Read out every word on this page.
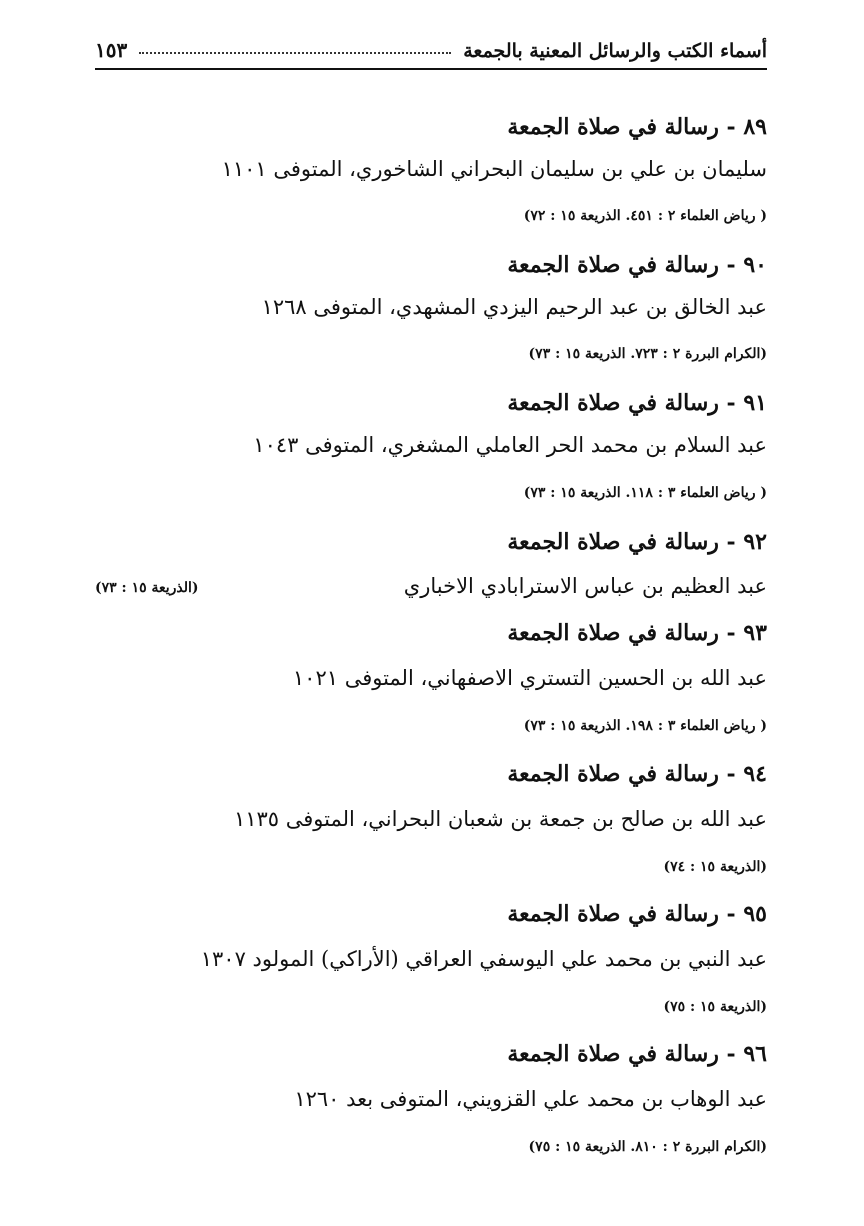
أسماء الكتب والرسائل المعنية بالجمعة
١٥٣
٨٩ - رسالة في صلاة الجمعة
سليمان بن علي بن سليمان البحراني الشاخوري، المتوفى ١١٠١
( رياض العلماء ٢ : ٤٥١. الذريعة ١٥ : ٧٢)
٩٠ - رسالة في صلاة الجمعة
عبد الخالق بن عبد الرحيم اليزدي المشهدي، المتوفى ١٢٦٨
(الكرام البررة ٢ : ٧٢٣. الذريعة ١٥ : ٧٣)
٩١ - رسالة في صلاة الجمعة
عبد السلام بن محمد الحر العاملي المشغري، المتوفى ١٠٤٣
( رياض العلماء ٣ : ١١٨. الذريعة ١٥ : ٧٣)
٩٢ - رسالة في صلاة الجمعة
عبد العظيم بن عباس الاسترابادي الاخباري
(الذريعة ١٥ : ٧٣)
٩٣ - رسالة في صلاة الجمعة
عبد الله بن الحسين التستري الاصفهاني، المتوفى ١٠٢١
( رياض العلماء ٣ : ١٩٨. الذريعة ١٥ : ٧٣)
٩٤ - رسالة في صلاة الجمعة
عبد الله بن صالح بن جمعة بن شعبان البحراني، المتوفى ١١٣٥
(الذريعة ١٥ : ٧٤)
٩٥ - رسالة في صلاة الجمعة
عبد النبي بن محمد علي اليوسفي العراقي (الأراكي) المولود ١٣٠٧
(الذريعة ١٥ : ٧٥)
٩٦ - رسالة في صلاة الجمعة
عبد الوهاب بن محمد علي القزويني، المتوفى بعد ١٢٦٠
(الكرام البررة ٢ : ٨١٠. الذريعة ١٥ : ٧٥)
